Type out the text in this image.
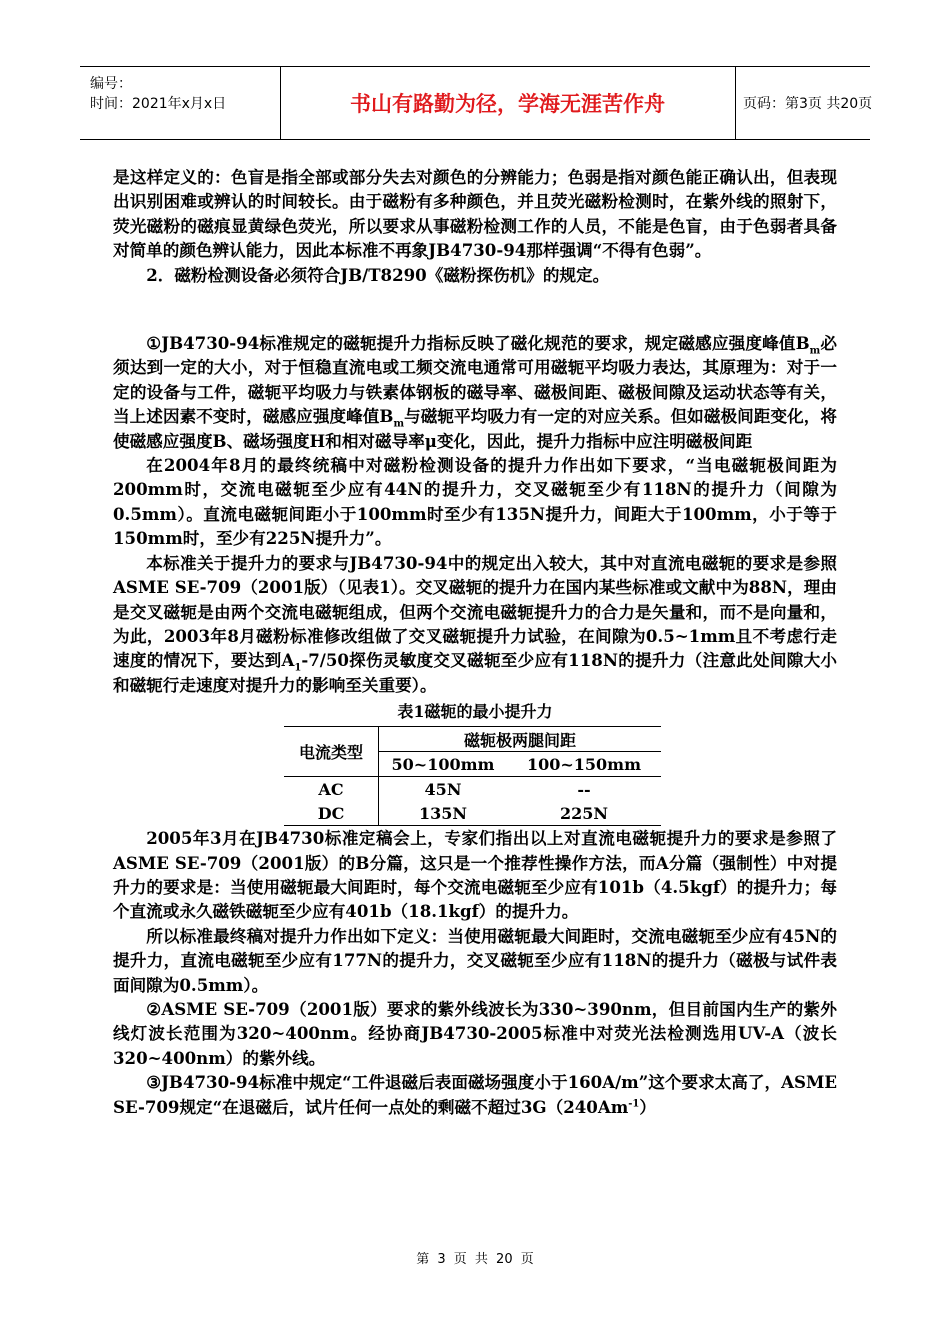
编号：
时间：2021年x月x日	书山有路勤为径，学海无涯苦作舟	页码：第3页 共20页

是这样定义的：色盲是指全部或部分失去对颜色的分辨能力；色弱是指对颜色能正确认出，但表现出识别困难或辨认的时间较长。由于磁粉有多种颜色，并且荧光磁粉检测时，在紫外线的照射下，荧光磁粉的磁痕显黄绿色荧光，所以要求从事磁粉检测工作的人员，不能是色盲，由于色弱者具备对简单的颜色辨认能力，因此本标准不再象JB4730-94那样强调“不得有色弱”。

2．磁粉检测设备必须符合JB/T8290《磁粉探伤机》的规定。

①JB4730-94标准规定的磁轭提升力指标反映了磁化规范的要求，规定磁感应强度峰值$B_m$必须达到一定的大小，对于恒稳直流电或工频交流电通常可用磁轭平均吸力表达，其原理为：对于一定的设备与工件，磁轭平均吸力与铁素体钢板的磁导率、磁极间距、磁极间隙及运动状态等有关，当上述因素不变时，磁感应强度峰值$B_m$与磁轭平均吸力有一定的对应关系。但如磁极间距变化，将使磁感应强度B、磁场强度H和相对磁导率μ变化，因此，提升力指标中应注明磁极间距

在2004年8月的最终统稿中对磁粉检测设备的提升力作出如下要求，“当电磁轭极间距为200mm时，交流电磁轭至少应有44N的提升力，交叉磁轭至少有118N的提升力（间隙为0.5mm）。直流电磁轭间距小于100mm时至少有135N提升力，间距大于100mm，小于等于150mm时，至少有225N提升力”。

本标准关于提升力的要求与JB4730-94中的规定出入较大，其中对直流电磁轭的要求是参照ASME SE-709（2001版）（见表1）。交叉磁轭的提升力在国内某些标准或文献中为88N，理由是交叉磁轭是由两个交流电磁轭组成，但两个交流电磁轭提升力的合力是矢量和，而不是向量和，为此，2003年8月磁粉标准修改组做了交叉磁轭提升力试验，在间隙为0.5~1mm且不考虑行走速度的情况下，要达到$A_1-7/50$探伤灵敏度交叉磁轭至少应有118N的提升力（注意此处间隙大小和磁轭行走速度对提升力的影响至关重要）。

表1磁轭的最小提升力
电流类型	磁轭极两腿间距	
	50~100mm	100~150mm
AC	45N	--
DC	135N	225N

2005年3月在JB4730标准定稿会上，专家们指出以上对直流电磁轭提升力的要求是参照了ASME SE-709（2001版）的B分篇，这只是一个推荐性操作方法，而A分篇（强制性）中对提升力的要求是：当使用磁轭最大间距时，每个交流电磁轭至少应有101b（4.5kgf）的提升力；每个直流或永久磁铁磁轭至少应有401b（18.1kgf）的提升力。

所以标准最终稿对提升力作出如下定义：当使用磁轭最大间距时，交流电磁轭至少应有45N的提升力，直流电磁轭至少应有177N的提升力，交叉磁轭至少应有118N的提升力（磁极与试件表面间隙为0.5mm）。

②ASME SE-709（2001版）要求的紫外线波长为330~390nm，但目前国内生产的紫外线灯波长范围为320~400nm。经协商JB4730-2005标准中对荧光法检测选用UV-A（波长320~400nm）的紫外线。

③JB4730-94标准中规定“工件退磁后表面磁场强度小于160A/m”这个要求太高了，ASME SE-709规定“在退磁后，试片任何一点处的剩磁不超过$3G(240Am^{-1})$

第 3 页 共 20 页
